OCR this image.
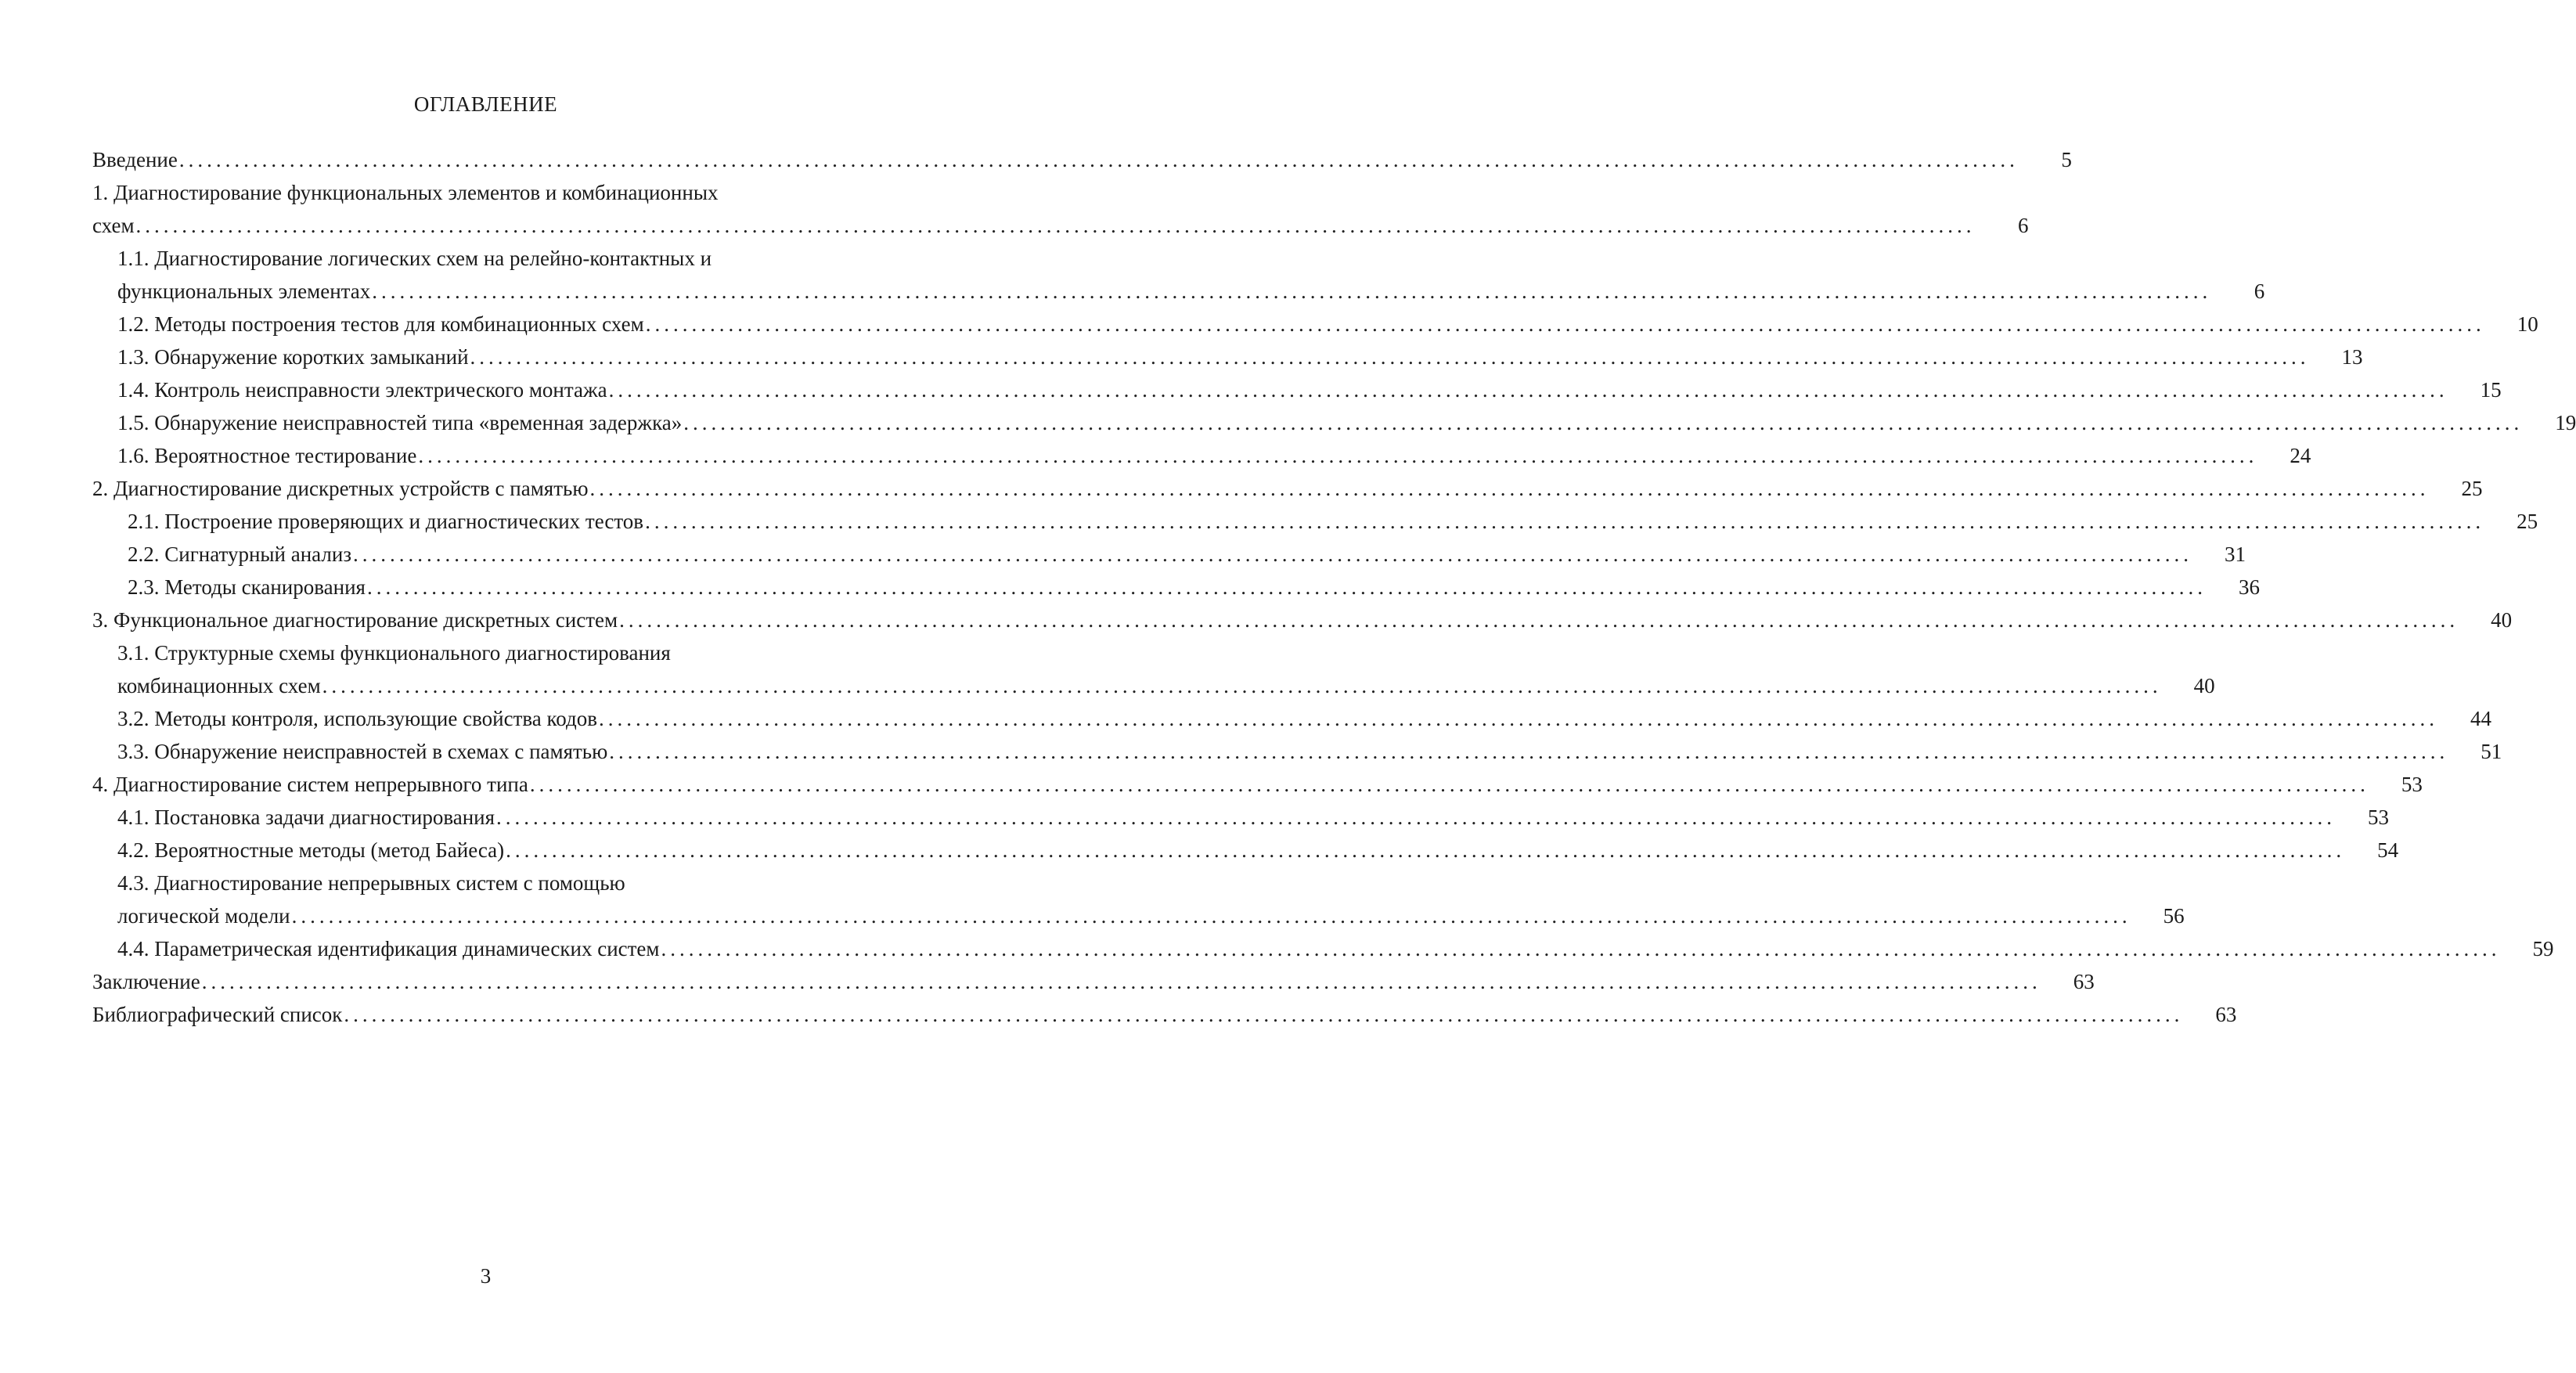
ОГЛАВЛЕНИЕ
Введение ........................................................................................................................................................................................................	5
1. Диагностирование функциональных элементов и комбинационных
схем ........................................................................................................................................................................................................	6
1.1. Диагностирование логических схем на релейно-контактных и
функциональных элементах ........................................................................................................................................................................................................	6
1.2. Методы построения тестов для комбинационных схем ........................................................................................................................................................................................................	10
1.3. Обнаружение коротких замыканий ........................................................................................................................................................................................................	13
1.4. Контроль неисправности электрического монтажа ........................................................................................................................................................................................................	15
1.5. Обнаружение неисправностей типа «временная задержка» ........................................................................................................................................................................................................	19
1.6. Вероятностное тестирование ........................................................................................................................................................................................................	24
2. Диагностирование дискретных устройств с памятью ........................................................................................................................................................................................................	25
2.1. Построение проверяющих и диагностических тестов ........................................................................................................................................................................................................	25
2.2. Сигнатурный анализ ........................................................................................................................................................................................................	31
2.3. Методы сканирования ........................................................................................................................................................................................................	36
3. Функциональное диагностирование дискретных систем ........................................................................................................................................................................................................	40
3.1. Структурные схемы функционального диагностирования
комбинационных схем ........................................................................................................................................................................................................	40
3.2. Методы контроля, использующие свойства кодов ........................................................................................................................................................................................................	44
3.3. Обнаружение неисправностей в схемах с памятью ........................................................................................................................................................................................................	51
4. Диагностирование систем непрерывного типа ........................................................................................................................................................................................................	53
4.1. Постановка задачи диагностирования ........................................................................................................................................................................................................	53
4.2. Вероятностные методы (метод Байеса) ........................................................................................................................................................................................................	54
4.3. Диагностирование непрерывных систем с помощью
логической модели ........................................................................................................................................................................................................	56
4.4. Параметрическая идентификация динамических систем ........................................................................................................................................................................................................	59
Заключение ........................................................................................................................................................................................................	63
Библиографический список ........................................................................................................................................................................................................	63
3
